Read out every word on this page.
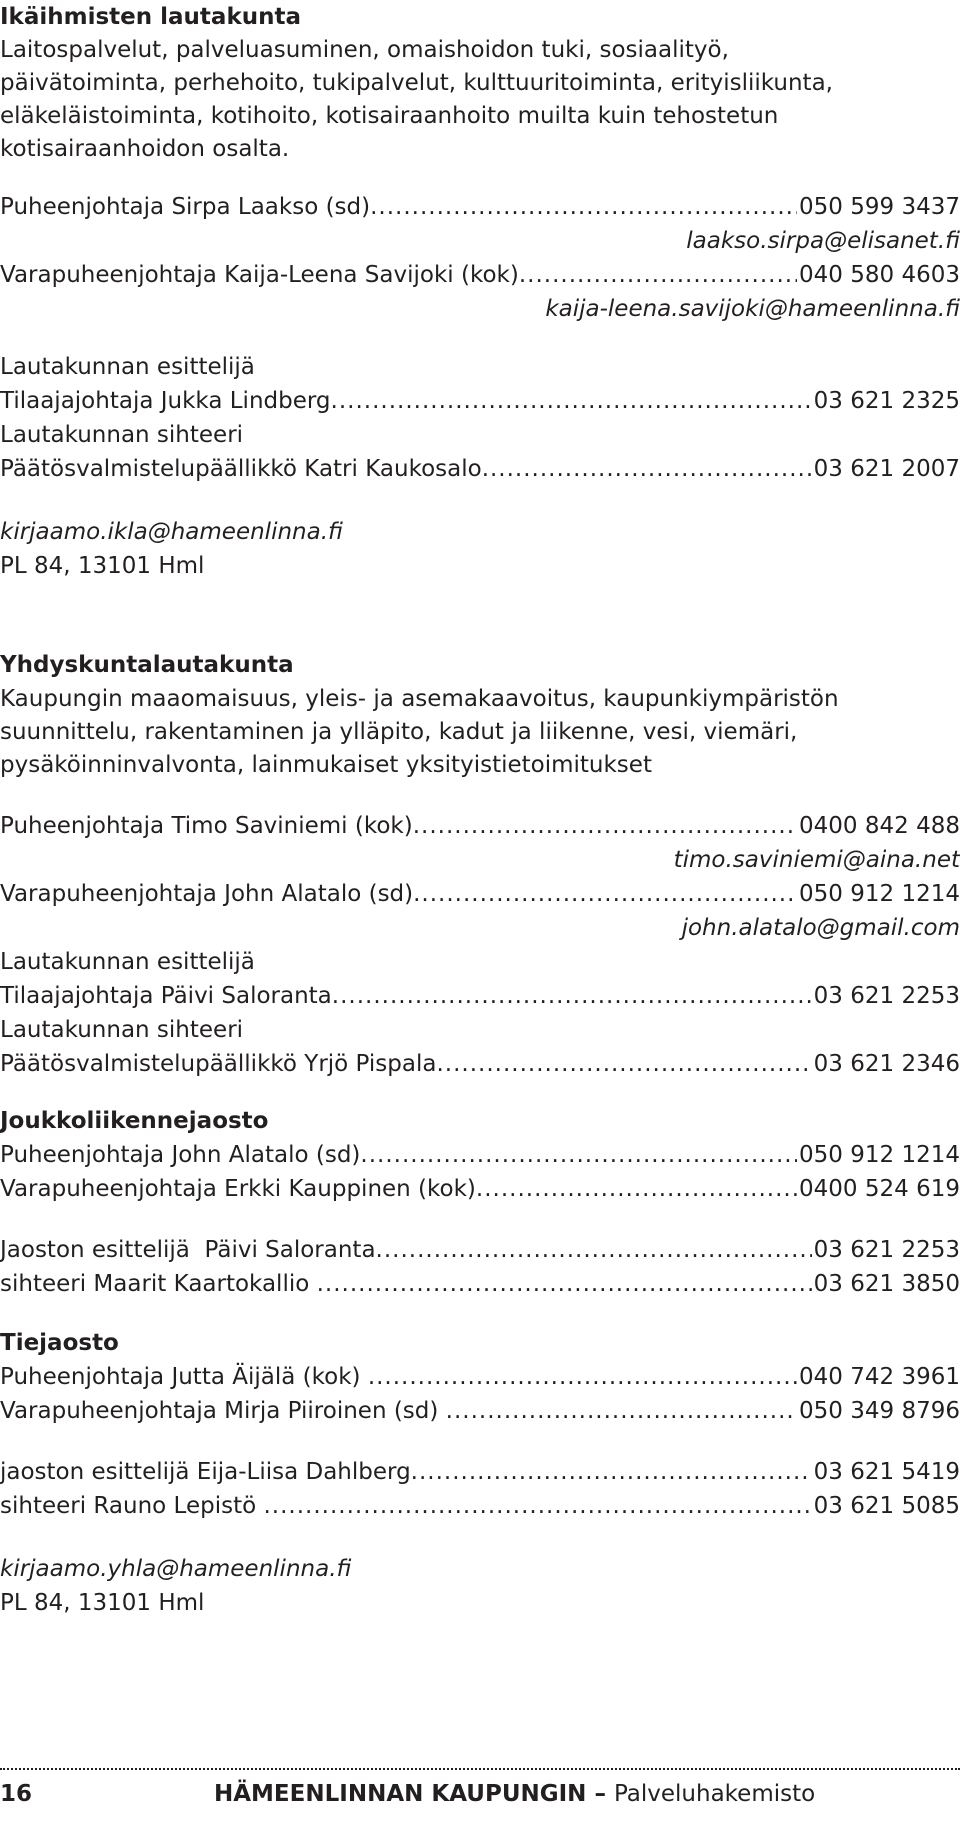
Ikäihmisten lautakunta
Laitospalvelut, palveluasuminen, omaishoidon tuki, sosiaalityö,
päivätoiminta, perhehoito, tukipalvelut, kulttuuritoiminta, erityisliikunta,
eläkeläistoiminta, kotihoito, kotisairaanhoito muilta kuin tehostetun
kotisairaanhoidon osalta.
Puheenjohtaja Sirpa Laakso (sd) .....	050 599 3437
laakso.sirpa@elisanet.fi
Varapuheenjohtaja Kaija-Leena Savijoki (kok) .....	040 580 4603
kaija-leena.savijoki@hameenlinna.fi
Lautakunnan esittelijä
Tilaajajohtaja Jukka Lindberg .....	03 621 2325
Lautakunnan sihteeri
Päätösvalmistelupäällikkö Katri Kaukosalo .....	03 621 2007
kirjaamo.ikla@hameenlinna.fi
PL 84, 13101 Hml
Yhdyskuntalautakunta
Kaupungin maaomaisuus, yleis- ja asemakaavoitus, kaupunkiympäristön
suunnittelu, rakentaminen ja ylläpito, kadut ja liikenne, vesi, viemäri,
pysäköinninvalvonta, lainmukaiset yksityistietoimitukset
Puheenjohtaja Timo Saviniemi (kok) .....	0400 842 488
timo.saviniemi@aina.net
Varapuheenjohtaja John Alatalo (sd) .....	050 912 1214
john.alatalo@gmail.com
Lautakunnan esittelijä
Tilaajajohtaja Päivi Saloranta .....	03 621 2253
Lautakunnan sihteeri
Päätösvalmistelupäällikkö Yrjö Pispala .....	03 621 2346
Joukkoliikennejaosto
Puheenjohtaja John Alatalo (sd) .....	050 912 1214
Varapuheenjohtaja Erkki Kauppinen (kok) .....	0400 524 619
Jaoston esittelijä  Päivi Saloranta .....	03 621 2253
sihteeri Maarit Kaartokallio .....	03 621 3850
Tiejaosto
Puheenjohtaja Jutta Äijälä (kok) .....	040 742 3961
Varapuheenjohtaja Mirja Piiroinen (sd) .....	050 349 8796
jaoston esittelijä Eija-Liisa Dahlberg .....	03 621 5419
sihteeri Rauno Lepistö .....	03 621 5085
kirjaamo.yhla@hameenlinna.fi
PL 84, 13101 Hml
16	HÄMEENLINNAN KAUPUNGIN – Palveluhakemisto
